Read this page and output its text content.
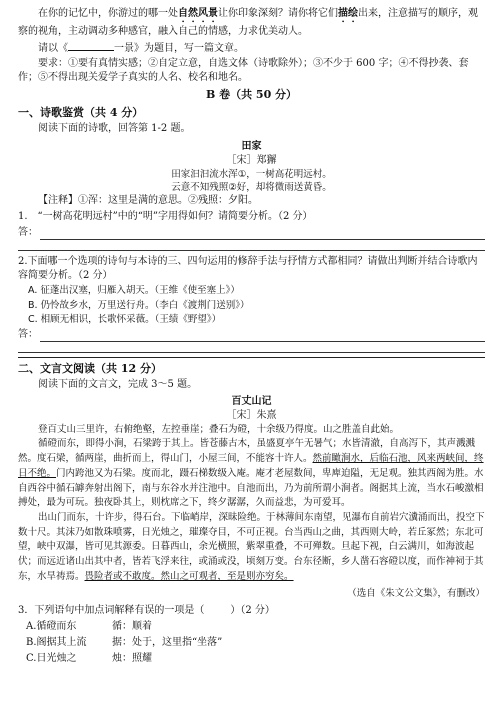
在你的记忆中，你游过的哪一处自然风景让你印象深刻？请你将它们描绘出来，注意描写的顺序，观察的视角，主动调动多种感官，融入自己的情感，力求优美动人。

请以《	一景》为题目，写一篇文章。

要求：①要有真情实感；②自定立意，自选文体（诗歌除外）；③不少于 600 字；④不得抄袭、套作；⑤不得出现关爱学子真实的人名、校名和地名。

B 卷（共 50 分）

一、诗歌鉴赏（共 4 分）

阅读下面的诗歌，回答第 1-2 题。

田家

［宋］郑獬

田家汩汩流水浑①，一树高花明远村。

云意不知残照②好，却将微雨送黄昏。

【注释】①浑：这里是满的意思。②残照：夕阳。

1.　“一树高花明远村”中的“明”字用得如何？请简要分析。（2 分）

答：

2.下面哪一个选项的诗句与本诗的三、四句运用的修辞手法与抒情方式都相同？请做出判断并结合诗歌内容简要分析。（2 分）

A. 征蓬出汉塞，归雁入胡天。（王维《使至塞上》）

B. 仍怜故乡水，万里送行舟。（李白《渡荆门送别》）

C. 相顾无相识，长歌怀采薇。（王绩《野望》）

答：

二、文言文阅读（共 12 分）

阅读下面的文言文，完成 3～5 题。

百丈山记

［宋］朱熹

登百丈山三里许，右俯绝壑，左控垂崖；叠石为磴，十余级乃得度。山之胜盖自此始。

循磴而东，即得小涧，石梁跨于其上。皆苍藤古木，虽盛夏亭午无暑气；水皆清澈，自高泻下，其声溅溅然。度石梁，循两崖，曲折而上，得山门，小屋三间，不能容十许人。然前瞰涧水，后临石池，风来两峡间，终日不绝。门内跨池又为石梁。度而北，蹑石梯数级入庵。庵才老屋数间，卑庳迫隘，无足观。独其西阁为胜。水自西谷中循石罅奔射出阁下，南与东谷水并注池中。自池而出，乃为前所谓小涧者。阁据其上流，当水石峻激相搏处，最为可玩。独夜卧其上，则枕席之下，终夕潺潺，久而益悲，为可爱耳。

出山门而东，十许步，得石台。下临峭岸，深昧险绝。于林薄间东南望，见瀑布自前岩穴瀵涌而出，投空下数十尺。其沫乃如散珠喷雾，日光烛之，璀璨夺目，不可正视。台当西山之曲，其西则大岭，若丘冢然；东北可望，峡中双瀑，皆可见其源委。日暮西山，余光横照，紫翠重叠，不可殚数。旦起下视，白云满川，如海波起伏；而远近诸山出其中者，皆若飞浮来往，或涌或没，顷刻万变。台东径断，乡人凿石容磴以度，而作神祠于其东，水旱祷焉。畏险者或不敢度。然山之可观者，至是则亦穷矣。

（选自《朱文公文集》，有删改）

3．下列语句中加点词解释有误的一项是（	）（2 分）

A.循磴而东	循：顺着
B.阁据其上流	据：处于，这里指“坐落”
C.日光烛之	烛：照耀
